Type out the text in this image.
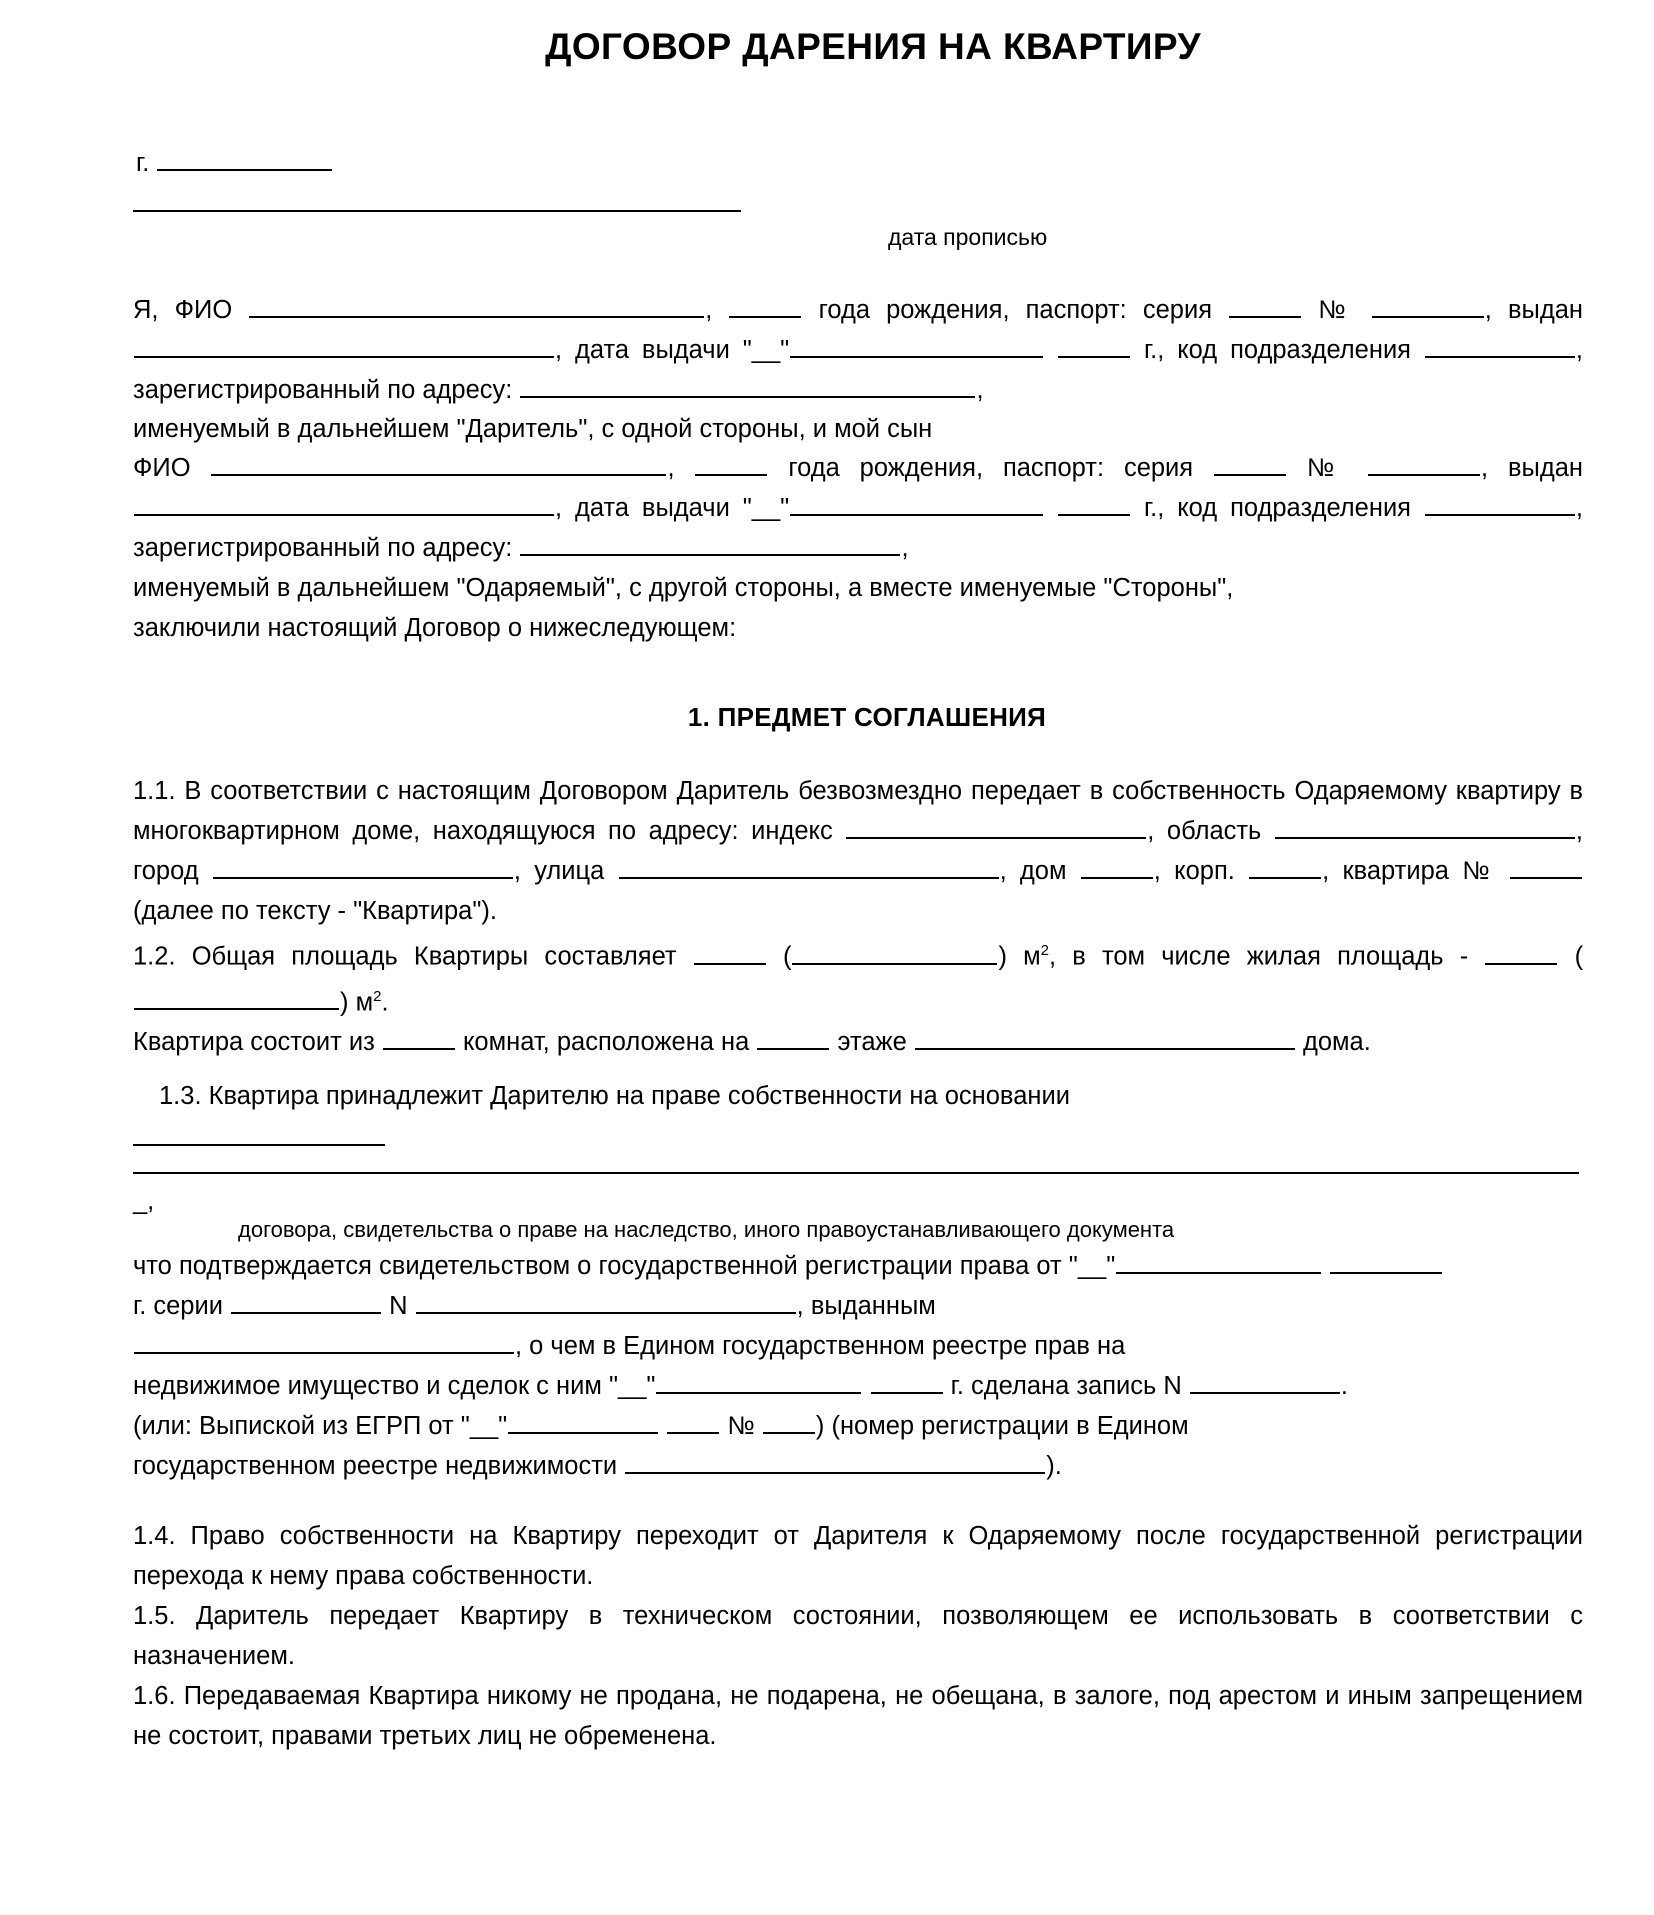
ДОГОВОР ДАРЕНИЯ НА КВАРТИРУ
г.
дата прописью
Я, ФИО	,	года рождения, паспорт: серия	№	, выдан , дата выдачи "__"	г., код подразделения	, зарегистрированный по адресу:	,
именуемый в дальнейшем "Даритель", с одной стороны, и мой сын
ФИО	,	года рождения, паспорт: серия	№	, выдан , дата выдачи "__"	г., код подразделения	, зарегистрированный по адресу:	,
именуемый в дальнейшем "Одаряемый", с другой стороны, а вместе именуемые "Стороны",
заключили настоящий Договор о нижеследующем:
1. ПРЕДМЕТ СОГЛАШЕНИЯ
1.1. В соответствии с настоящим Договором Даритель безвозмездно передает в собственность Одаряемому квартиру в многоквартирном доме, находящуюся по адресу: индекс	, область	, город	, улица	, дом	, корп.	, квартира №  (далее по тексту - "Квартира").
1.2. Общая площадь Квартиры составляет	(	) $м^2$, в том числе жилая площадь -	() $м^2$.
Квартира состоит из	комнат, расположена на	этаже	дома.
1.3. Квартира принадлежит Дарителю на праве собственности на основании
_,
договора, свидетельства о праве на наследство, иного правоустанавливающего документа
что подтверждается свидетельством о государственной регистрации права от "__"
г. серии	N	, выданным
, о чем в Едином государственном реестре прав на
недвижимое имущество и сделок с ним "__"	г. сделана запись N	.
(или: Выпиской из ЕГРП от "__"	№ ) (номер регистрации в Едином
государственном реестре недвижимости	).
1.4. Право собственности на Квартиру переходит от Дарителя к Одаряемому после государственной регистрации перехода к нему права собственности.
1.5. Даритель передает Квартиру в техническом состоянии, позволяющем ее использовать в соответствии с назначением.
1.6. Передаваемая Квартира никому не продана, не подарена, не обещана, в залоге, под арестом и иным запрещением не состоит, правами третьих лиц не обременена.
